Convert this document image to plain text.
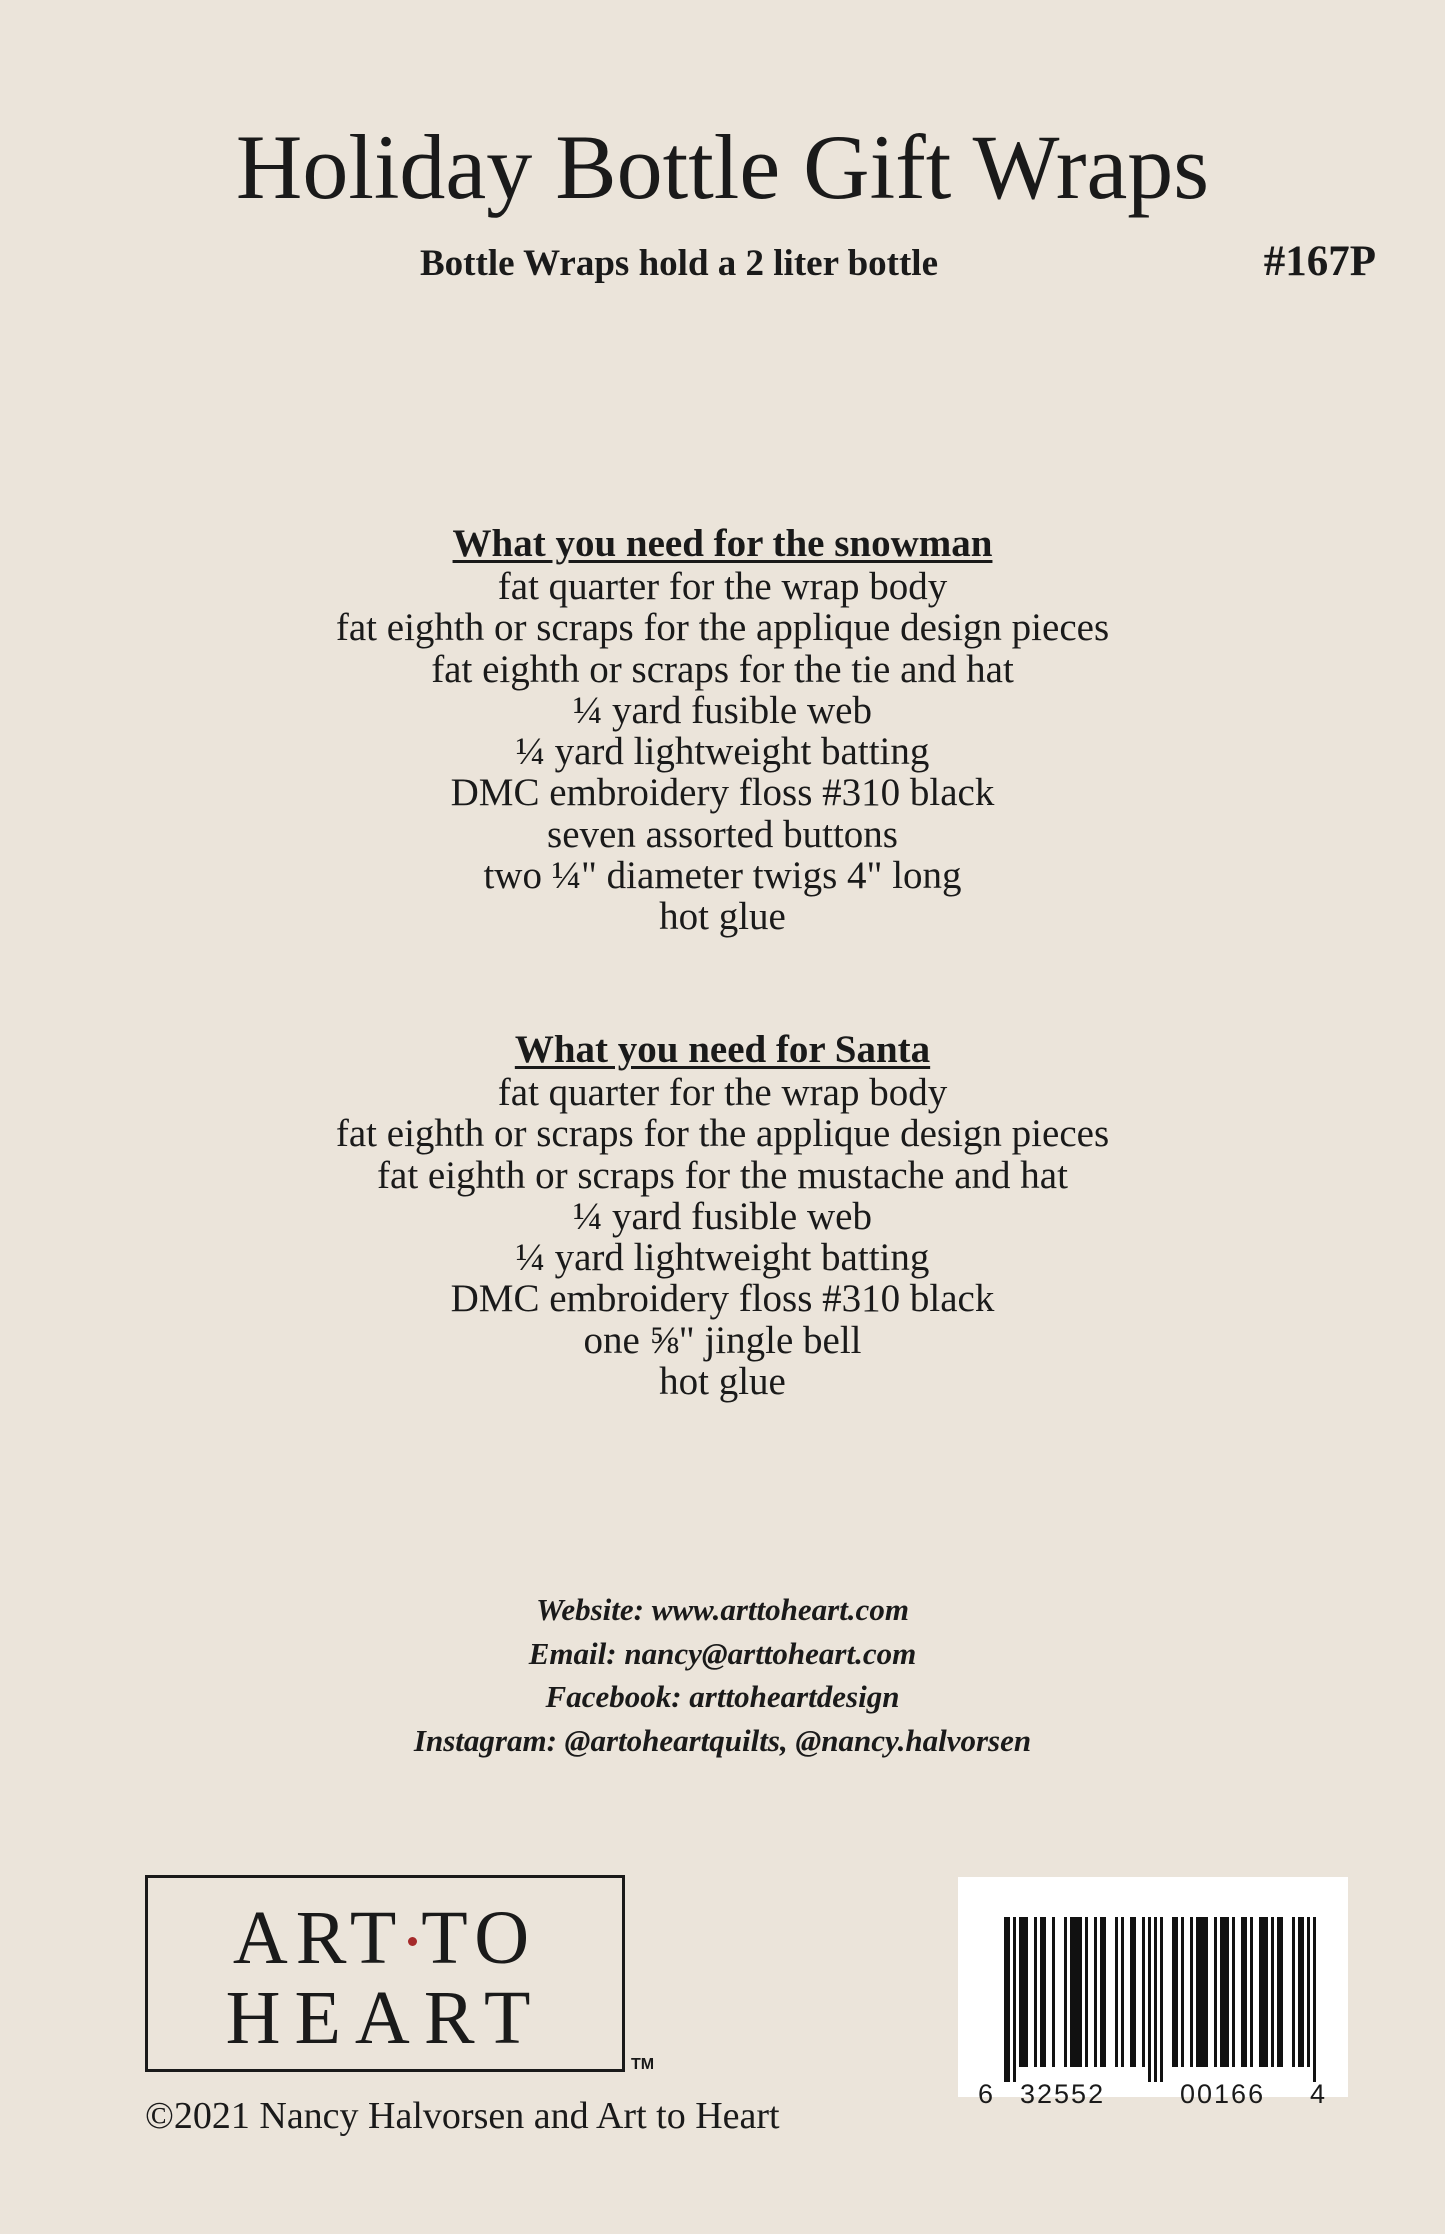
Holiday Bottle Gift Wraps

Bottle Wraps hold a 2 liter bottle	#167P

What you need for the snowman
fat quarter for the wrap body
fat eighth or scraps for the applique design pieces
fat eighth or scraps for the tie and hat
¼ yard fusible web
¼ yard lightweight batting
DMC embroidery floss #310 black
seven assorted buttons
two ¼" diameter twigs 4" long
hot glue
What you need for Santa
fat quarter for the wrap body
fat eighth or scraps for the applique design pieces
fat eighth or scraps for the mustache and hat
¼ yard fusible web
¼ yard lightweight batting
DMC embroidery floss #310 black
one ⅝" jingle bell
hot glue

Website: www.arttoheart.com

Email: nancy@arttoheart.com

Facebook: arttoheartdesign

Instagram: @artoheartquilts, @nancy.halvorsen

ART TO
HEART
TM

©2021 Nancy Halvorsen and Art to Heart

6 32552	00166 4
